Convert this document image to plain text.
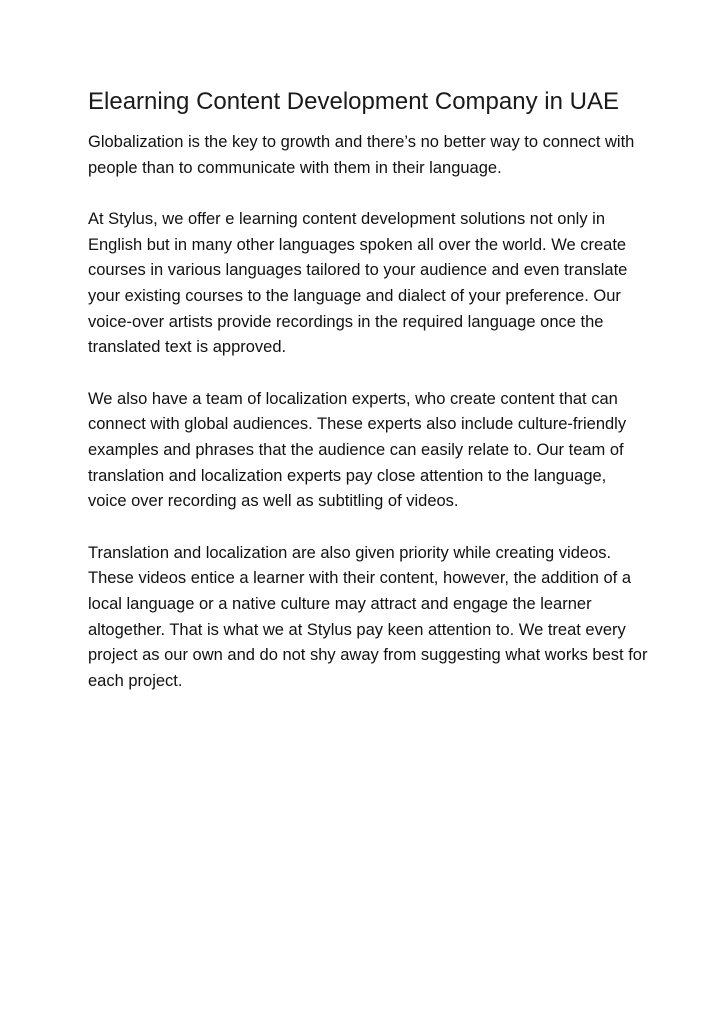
Elearning Content Development Company in UAE

Globalization is the key to growth and there’s no better way to connect with people than to communicate with them in their language.

At Stylus, we offer e learning content development solutions not only in English but in many other languages spoken all over the world. We create courses in various languages tailored to your audience and even translate your existing courses to the language and dialect of your preference. Our voice-over artists provide recordings in the required language once the translated text is approved.

We also have a team of localization experts, who create content that can connect with global audiences. These experts also include culture-friendly examples and phrases that the audience can easily relate to. Our team of translation and localization experts pay close attention to the language, voice over recording as well as subtitling of videos.

Translation and localization are also given priority while creating videos. These videos entice a learner with their content, however, the addition of a local language or a native culture may attract and engage the learner altogether. That is what we at Stylus pay keen attention to. We treat every project as our own and do not shy away from suggesting what works best for each project.
